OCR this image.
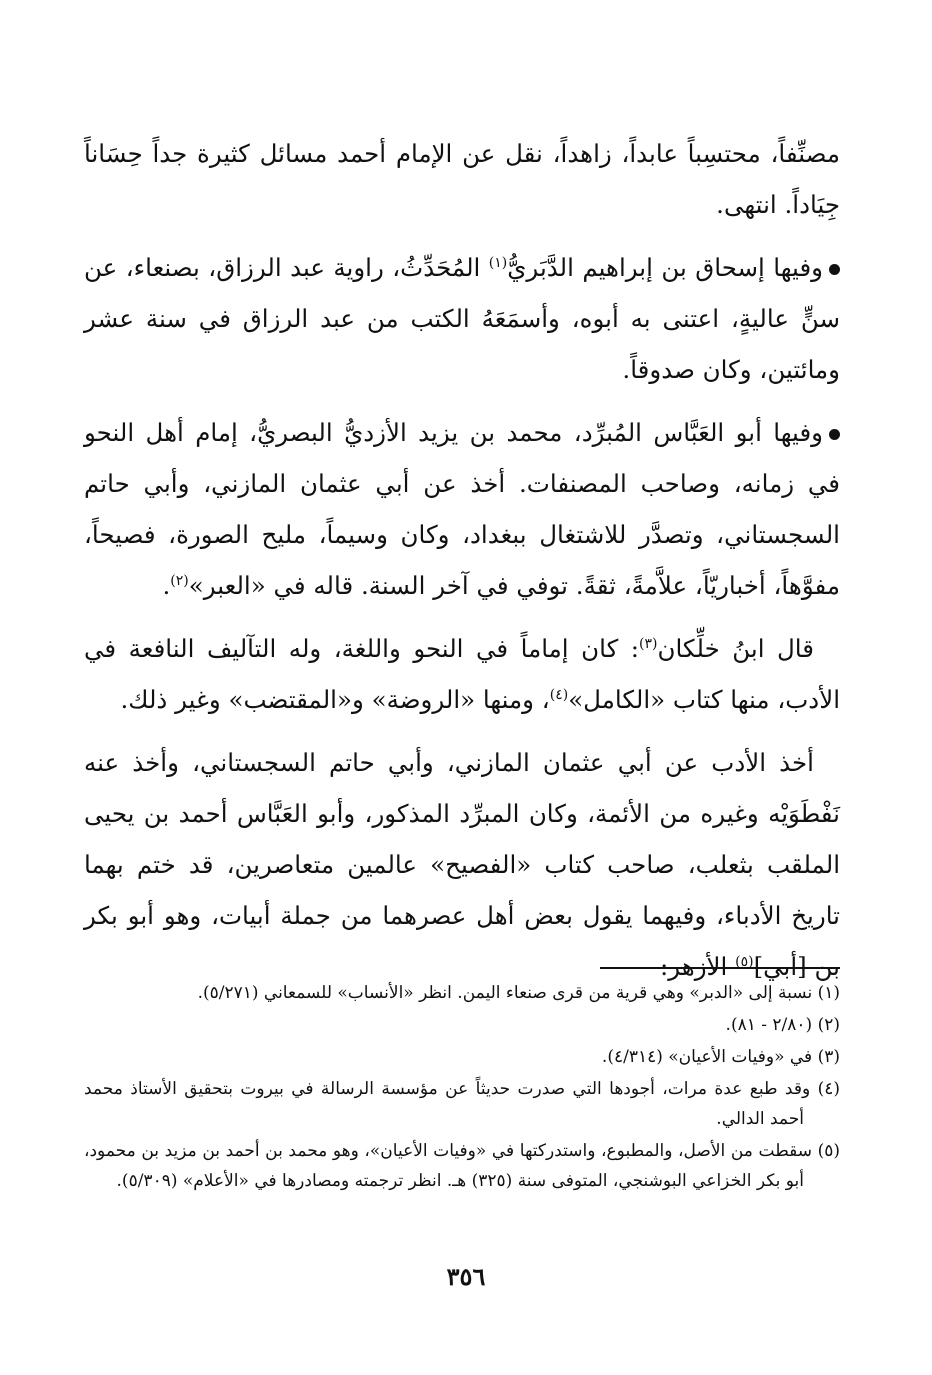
مصنِّفاً، محتسِباً عابداً، زاهداً، نقل عن الإمام أحمد مسائل كثيرة جداً حِسَاناً جِيَاداً. انتهى.

وفيها إسحاق بن إبراهيم الدَّبَريُّ$^{(١)}$ المُحَدِّثُ، راوية عبد الرزاق، بصنعاء، عن سنٍّ عاليةٍ، اعتنى به أبوه، وأسمَعَهُ الكتب من عبد الرزاق في سنة عشر ومائتين، وكان صدوقاً.

وفيها أبو العَبَّاس المُبرِّد، محمد بن يزيد الأزديُّ البصريُّ، إمام أهل النحو في زمانه، وصاحب المصنفات. أخذ عن أبي عثمان المازني، وأبي حاتم السجستاني، وتصدَّر للاشتغال ببغداد، وكان وسيماً، مليح الصورة، فصيحاً، مفوَّهاً، أخباريّاً، علاَّمةً، ثقةً. توفي في آخر السنة. قاله في «العبر»$^{(٢)}$.

قال ابنُ خلِّكان$^{(٣)}$: كان إماماً في النحو واللغة، وله التآليف النافعة في الأدب، منها كتاب «الكامل»$^{(٤)}$، ومنها «الروضة» و«المقتضب» وغير ذلك.

أخذ الأدب عن أبي عثمان المازني، وأبي حاتم السجستاني، وأخذ عنه نَفْطَوَيْه وغيره من الأئمة، وكان المبرِّد المذكور، وأبو العَبَّاس أحمد بن يحيى الملقب بثعلب، صاحب كتاب «الفصيح» عالمين متعاصرين، قد ختم بهما تاريخ الأدباء، وفيهما يقول بعض أهل عصرهما من جملة أبيات، وهو أبو بكر بن [أبي]$^{(٥)}$ الأزهر:

(١) نسبة إلى «الدبر» وهي قرية من قرى صنعاء اليمن. انظر «الأنساب» للسمعاني (٥/٢٧١).

(٢) (٢/٨٠ - ٨١).

(٣) في «وفيات الأعيان» (٤/٣١٤).

(٤) وقد طبع عدة مرات، أجودها التي صدرت حديثاً عن مؤسسة الرسالة في بيروت بتحقيق الأستاذ محمد أحمد الدالي.

(٥) سقطت من الأصل، والمطبوع، واستدركتها في «وفيات الأعيان»، وهو محمد بن أحمد بن مزيد بن محمود، أبو بكر الخزاعي البوشنجي، المتوفى سنة (٣٢٥) هـ. انظر ترجمته ومصادرها في «الأعلام» (٥/٣٠٩).

٣٥٦
